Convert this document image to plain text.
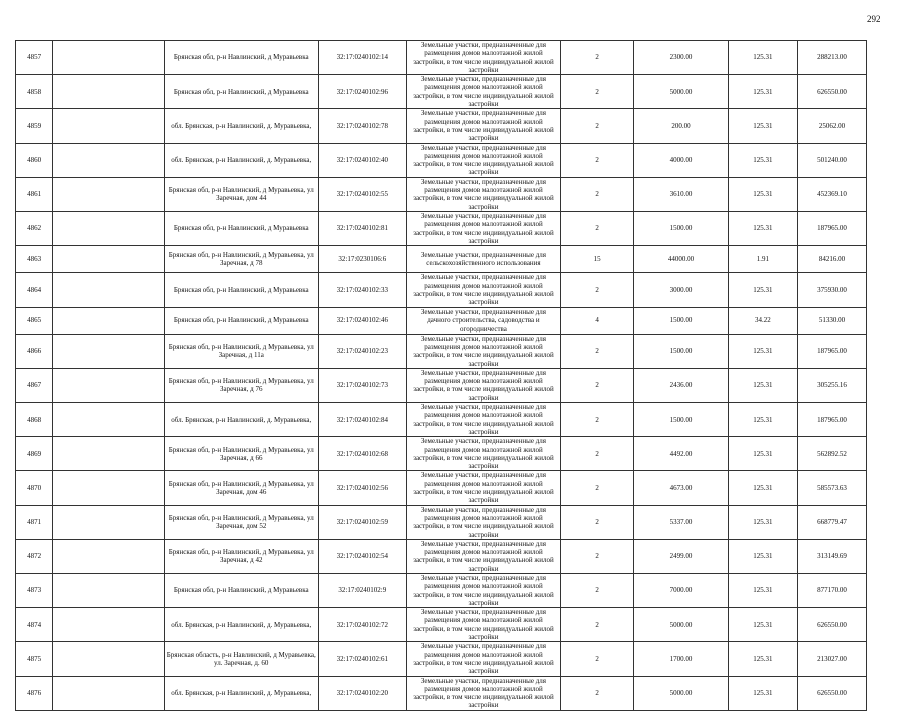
292
4857		Брянская обл, р-н Навлинский, д Муравьевка	32:17:0240102:14	Земельные участки, предназначенные для размещения домов малоэтажной жилой застройки, в том числе индивидуальной жилой застройки	2	2300.00	125.31	288213.00
4858		Брянская обл, р-н Навлинский, д Муравьевка	32:17:0240102:96	Земельные участки, предназначенные для размещения домов малоэтажной жилой застройки, в том числе индивидуальной жилой застройки	2	5000.00	125.31	626550.00
4859		обл. Брянская, р-н Навлинский, д. Муравьевка,	32:17:0240102:78	Земельные участки, предназначенные для размещения домов малоэтажной жилой застройки, в том числе индивидуальной жилой застройки	2	200.00	125.31	25062.00
4860		обл. Брянская, р-н Навлинский, д. Муравьевка,	32:17:0240102:40	Земельные участки, предназначенные для размещения домов малоэтажной жилой застройки, в том числе индивидуальной жилой застройки	2	4000.00	125.31	501240.00
4861		Брянская обл, р-н Навлинский, д Муравьевка, ул Заречная, дом 44	32:17:0240102:55	Земельные участки, предназначенные для размещения домов малоэтажной жилой застройки, в том числе индивидуальной жилой застройки	2	3610.00	125.31	452369.10
4862		Брянская обл, р-н Навлинский, д Муравьевка	32:17:0240102:81	Земельные участки, предназначенные для размещения домов малоэтажной жилой застройки, в том числе индивидуальной жилой застройки	2	1500.00	125.31	187965.00
4863		Брянская обл, р-н Навлинский, д Муравьевка, ул Заречная, д 78	32:17:0230106:6	Земельные участки, предназначенные для сельскохозяйственного использования	15	44000.00	1.91	84216.00
4864		Брянская обл, р-н Навлинский, д Муравьевка	32:17:0240102:33	Земельные участки, предназначенные для размещения домов малоэтажной жилой застройки, в том числе индивидуальной жилой застройки	2	3000.00	125.31	375930.00
4865		Брянская обл, р-н Навлинский, д Муравьевка	32:17:0240102:46	Земельные участки, предназначенные для дачного строительства, садоводства и огородничества	4	1500.00	34.22	51330.00
4866		Брянская обл, р-н Навлинский, д Муравьевка, ул Заречная, д 11а	32:17:0240102:23	Земельные участки, предназначенные для размещения домов малоэтажной жилой застройки, в том числе индивидуальной жилой застройки	2	1500.00	125.31	187965.00
4867		Брянская обл, р-н Навлинский, д Муравьевка, ул Заречная, д 76	32:17:0240102:73	Земельные участки, предназначенные для размещения домов малоэтажной жилой застройки, в том числе индивидуальной жилой застройки	2	2436.00	125.31	305255.16
4868		обл. Брянская, р-н Навлинский, д. Муравьевка,	32:17:0240102:84	Земельные участки, предназначенные для размещения домов малоэтажной жилой застройки, в том числе индивидуальной жилой застройки	2	1500.00	125.31	187965.00
4869		Брянская обл, р-н Навлинский, д Муравьевка, ул Заречная, д 66	32:17:0240102:68	Земельные участки, предназначенные для размещения домов малоэтажной жилой застройки, в том числе индивидуальной жилой застройки	2	4492.00	125.31	562892.52
4870		Брянская обл, р-н Навлинский, д Муравьевка, ул Заречная, дом 46	32:17:0240102:56	Земельные участки, предназначенные для размещения домов малоэтажной жилой застройки, в том числе индивидуальной жилой застройки	2	4673.00	125.31	585573.63
4871		Брянская обл, р-н Навлинский, д Муравьевка, ул Заречная, дом 52	32:17:0240102:59	Земельные участки, предназначенные для размещения домов малоэтажной жилой застройки, в том числе индивидуальной жилой застройки	2	5337.00	125.31	668779.47
4872		Брянская обл, р-н Навлинский, д Муравьевка, ул Заречная, д 42	32:17:0240102:54	Земельные участки, предназначенные для размещения домов малоэтажной жилой застройки, в том числе индивидуальной жилой застройки	2	2499.00	125.31	313149.69
4873		Брянская обл, р-н Навлинский, д Муравьевка	32:17:0240102:9	Земельные участки, предназначенные для размещения домов малоэтажной жилой застройки, в том числе индивидуальной жилой застройки	2	7000.00	125.31	877170.00
4874		обл. Брянская, р-н Навлинский, д. Муравьевка,	32:17:0240102:72	Земельные участки, предназначенные для размещения домов малоэтажной жилой застройки, в том числе индивидуальной жилой застройки	2	5000.00	125.31	626550.00
4875		Брянская область, р-н Навлинский, д Муравьевка, ул. Заречная, д. 60	32:17:0240102:61	Земельные участки, предназначенные для размещения домов малоэтажной жилой застройки, в том числе индивидуальной жилой застройки	2	1700.00	125.31	213027.00
4876		обл. Брянская, р-н Навлинский, д. Муравьевка,	32:17:0240102:20	Земельные участки, предназначенные для размещения домов малоэтажной жилой застройки, в том числе индивидуальной жилой застройки	2	5000.00	125.31	626550.00
